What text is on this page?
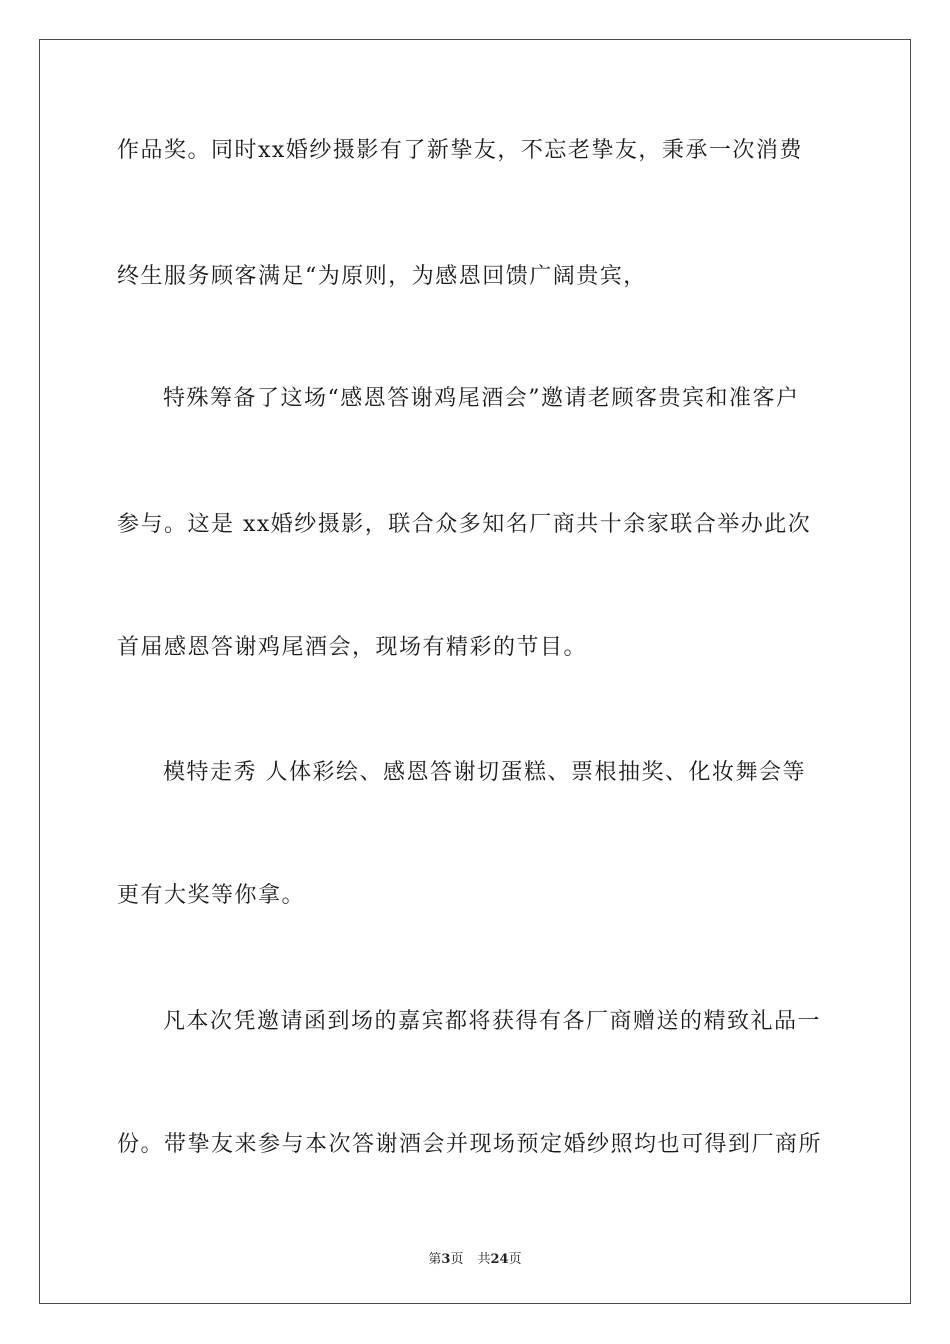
作品奖。同时xx婚纱摄影有了新挚友，不忘老挚友，秉承一次消费
终生服务顾客满足“为原则，为感恩回馈广阔贵宾，
特殊筹备了这场“感恩答谢鸡尾酒会”邀请老顾客贵宾和准客户
参与。这是 xx婚纱摄影，联合众多知名厂商共十余家联合举办此次
首届感恩答谢鸡尾酒会，现场有精彩的节目。
模特走秀 人体彩绘、感恩答谢切蛋糕、票根抽奖、化妆舞会等
更有大奖等你拿。
凡本次凭邀请函到场的嘉宾都将获得有各厂商赠送的精致礼品一
份。带挚友来参与本次答谢酒会并现场预定婚纱照均也可得到厂商所
第3页 共24页
